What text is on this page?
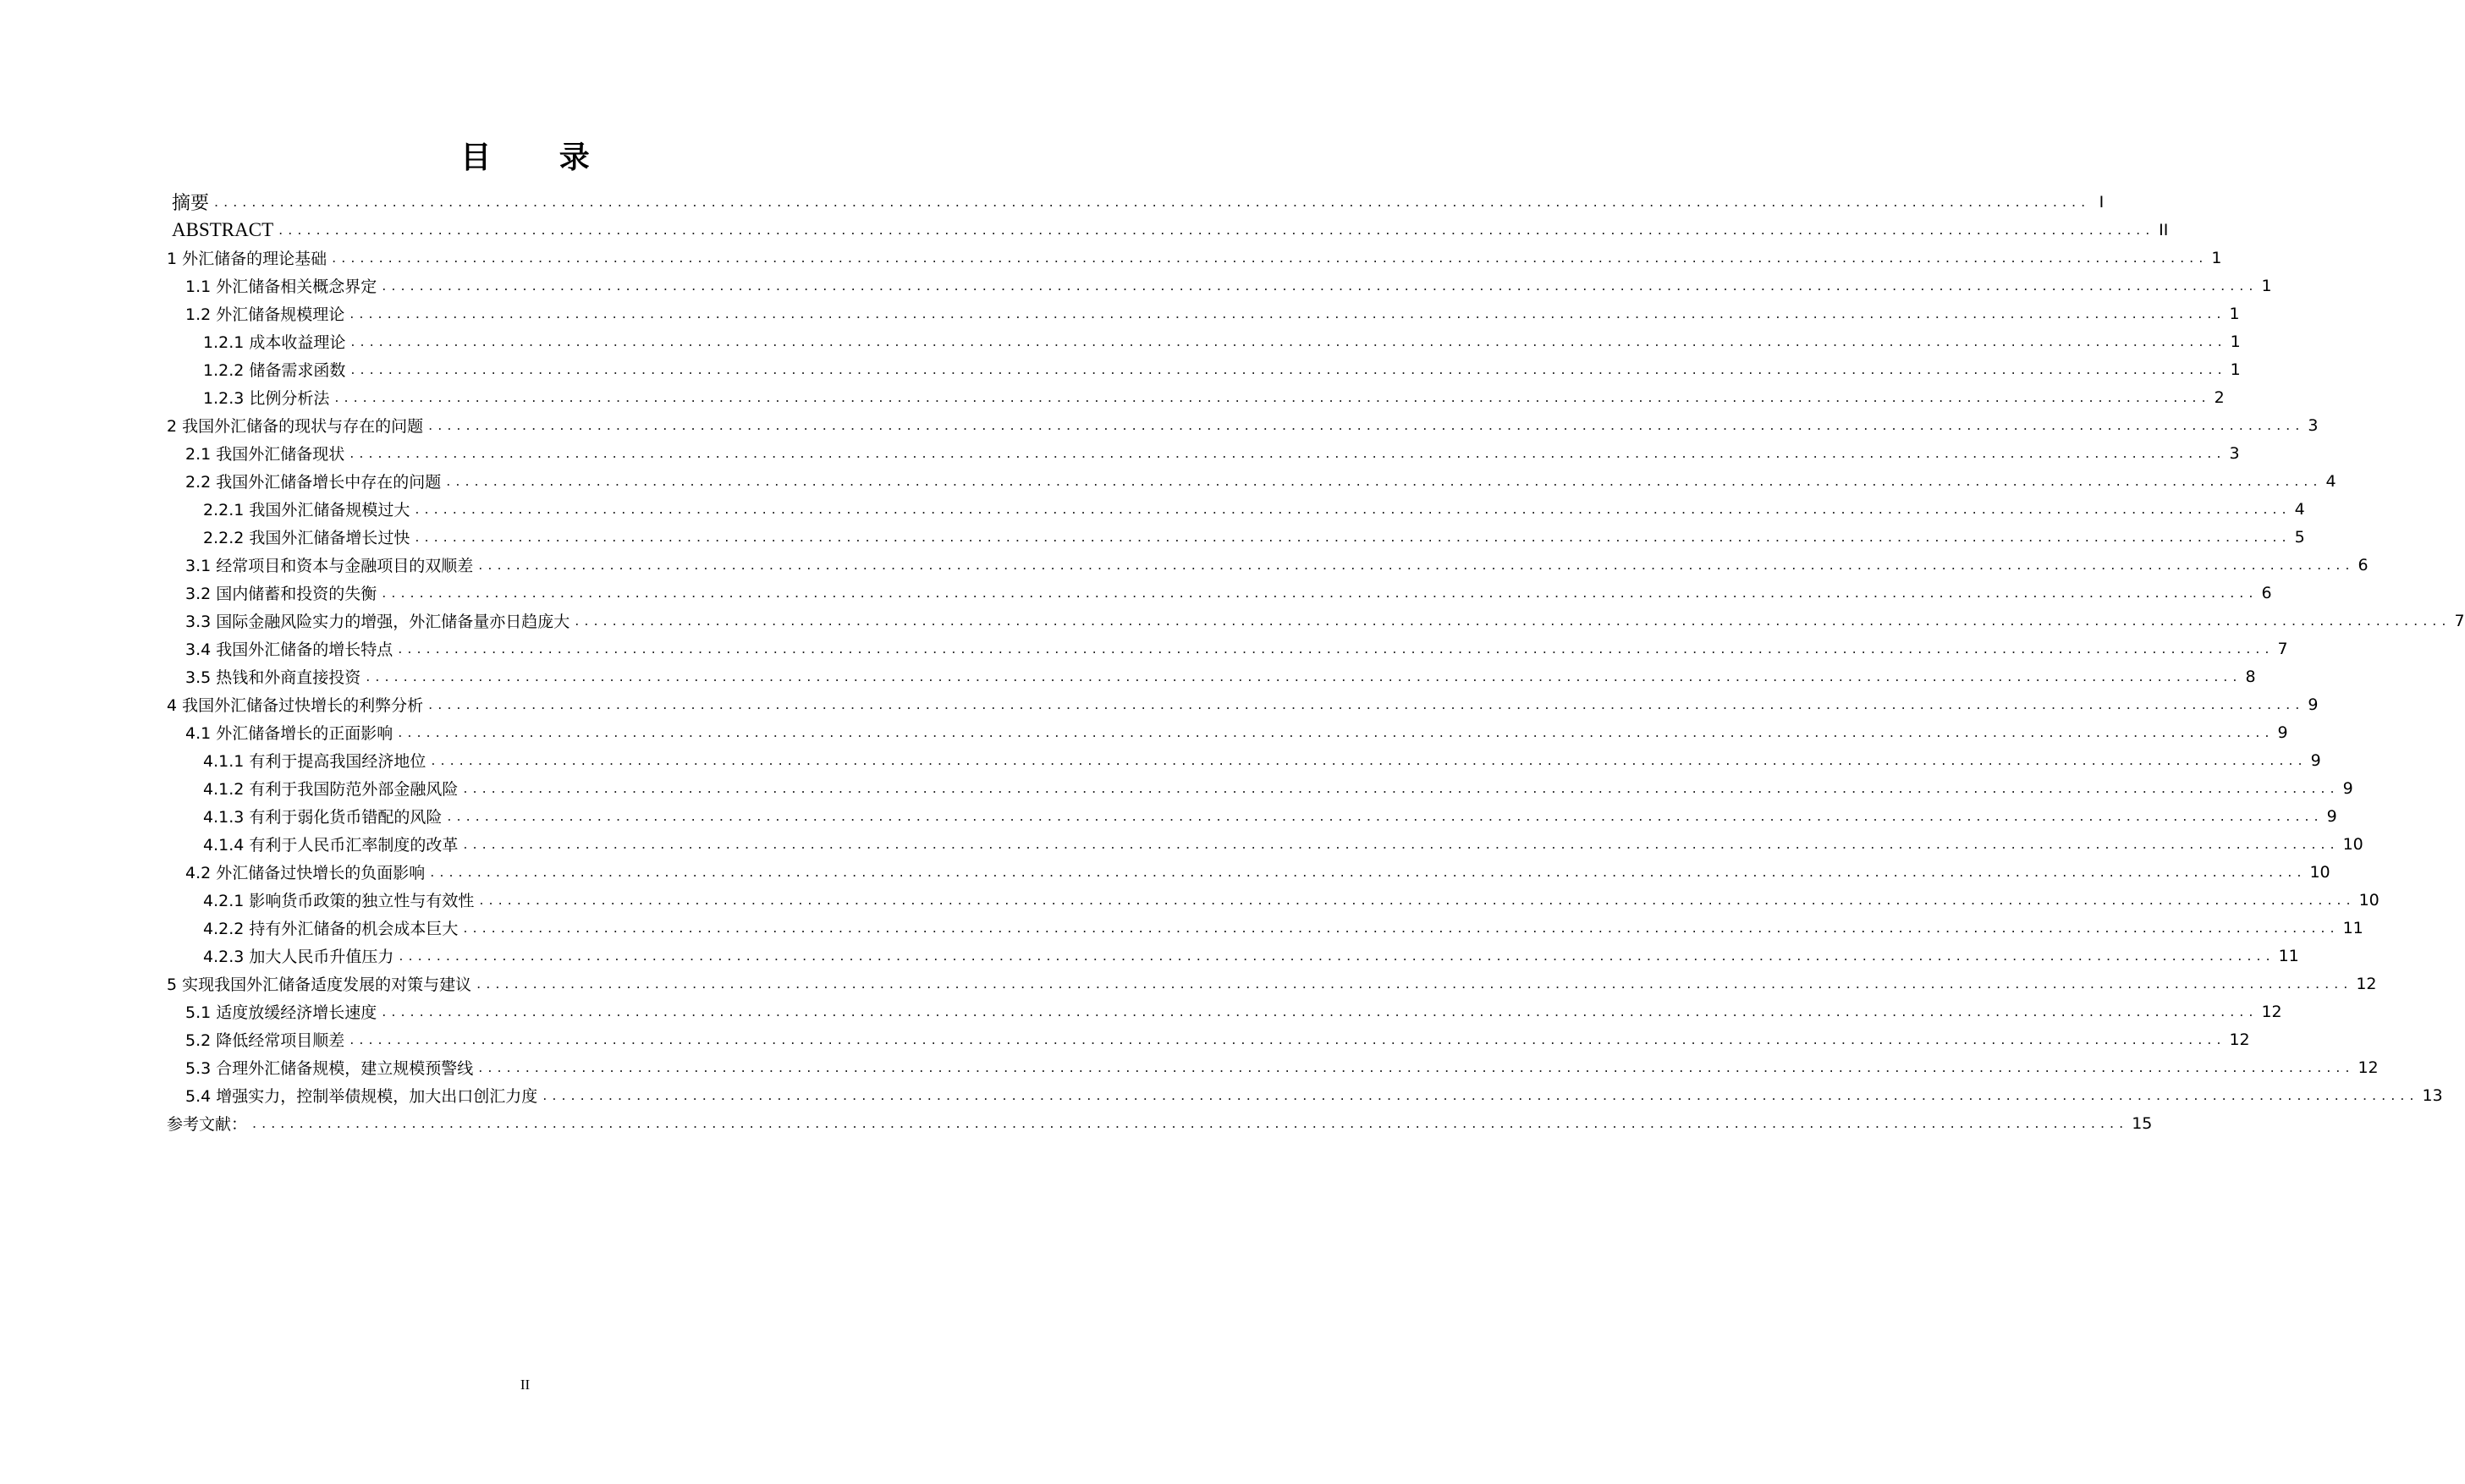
目 录
摘要 ........................................................................................................................................................................................................ I
ABSTRACT ........................................................................................................................................................................................................ II
1 外汇储备的理论基础 ........................................................................................................................................................................................................ 1
1.1 外汇储备相关概念界定 ........................................................................................................................................................................................................ 1
1.2 外汇储备规模理论 ........................................................................................................................................................................................................ 1
1.2.1 成本收益理论 ........................................................................................................................................................................................................ 1
1.2.2 储备需求函数 ........................................................................................................................................................................................................ 1
1.2.3 比例分析法 ........................................................................................................................................................................................................ 2
2 我国外汇储备的现状与存在的问题 ........................................................................................................................................................................................................ 3
2.1 我国外汇储备现状 ........................................................................................................................................................................................................ 3
2.2 我国外汇储备增长中存在的问题 ........................................................................................................................................................................................................ 4
2.2.1 我国外汇储备规模过大 ........................................................................................................................................................................................................ 4
2.2.2 我国外汇储备增长过快 ........................................................................................................................................................................................................ 5
3.1 经常项目和资本与金融项目的双顺差 ........................................................................................................................................................................................................ 6
3.2 国内储蓄和投资的失衡 ........................................................................................................................................................................................................ 6
3.3 国际金融风险实力的增强，外汇储备量亦日趋庞大 ........................................................................................................................................................................................................ 7
3.4 我国外汇储备的增长特点 ........................................................................................................................................................................................................ 7
3.5 热钱和外商直接投资 ........................................................................................................................................................................................................ 8
4 我国外汇储备过快增长的利弊分析 ........................................................................................................................................................................................................ 9
4.1 外汇储备增长的正面影响 ........................................................................................................................................................................................................ 9
4.1.1 有利于提高我国经济地位 ........................................................................................................................................................................................................ 9
4.1.2 有利于我国防范外部金融风险 ........................................................................................................................................................................................................ 9
4.1.3 有利于弱化货币错配的风险 ........................................................................................................................................................................................................ 9
4.1.4 有利于人民币汇率制度的改革 ........................................................................................................................................................................................................ 10
4.2 外汇储备过快增长的负面影响 ........................................................................................................................................................................................................ 10
4.2.1 影响货币政策的独立性与有效性 ........................................................................................................................................................................................................ 10
4.2.2 持有外汇储备的机会成本巨大 ........................................................................................................................................................................................................ 11
4.2.3 加大人民币升值压力 ........................................................................................................................................................................................................ 11
5 实现我国外汇储备适度发展的对策与建议 ........................................................................................................................................................................................................ 12
5.1 适度放缓经济增长速度 ........................................................................................................................................................................................................ 12
5.2 降低经常项目顺差 ........................................................................................................................................................................................................ 12
5.3 合理外汇储备规模，建立规模预警线 ........................................................................................................................................................................................................ 12
5.4 增强实力，控制举债规模，加大出口创汇力度 ........................................................................................................................................................................................................ 13
参考文献： ........................................................................................................................................................................................................ 15
II
